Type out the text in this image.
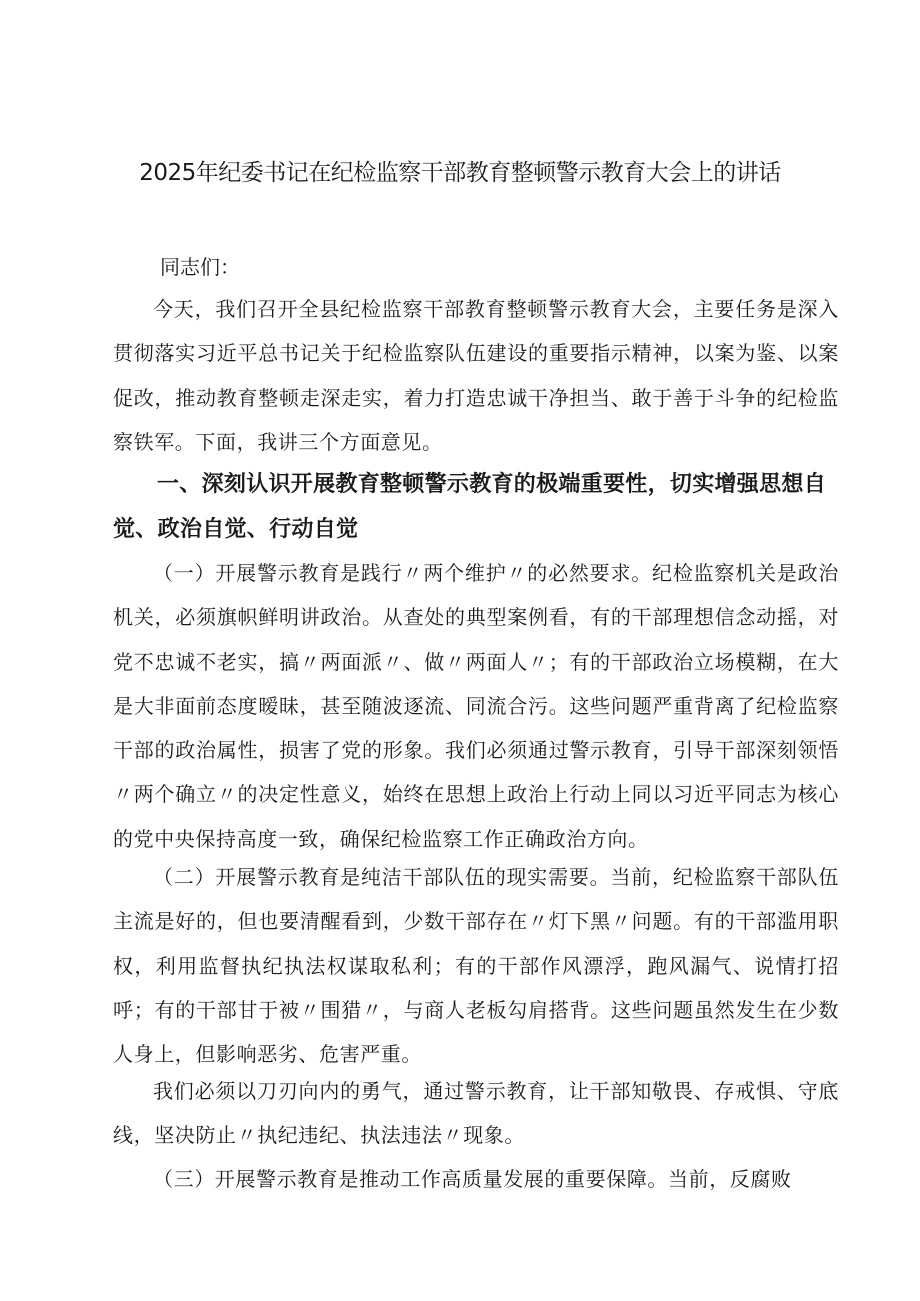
2025年纪委书记在纪检监察干部教育整顿警示教育大会上的讲话
同志们：

今天，我们召开全县纪检监察干部教育整顿警示教育大会，主要任务是深入贯彻落实习近平总书记关于纪检监察队伍建设的重要指示精神，以案为鉴、以案促改，推动教育整顿走深走实，着力打造忠诚干净担当、敢于善于斗争的纪检监察铁军。下面，我讲三个方面意见。

一、深刻认识开展教育整顿警示教育的极端重要性，切实增强思想自觉、政治自觉、行动自觉

（一）开展警示教育是践行〃两个维护〃的必然要求。纪检监察机关是政治机关，必须旗帜鲜明讲政治。从查处的典型案例看，有的干部理想信念动摇，对党不忠诚不老实，搞〃两面派〃、做〃两面人〃；有的干部政治立场模糊，在大是大非面前态度暧昧，甚至随波逐流、同流合污。这些问题严重背离了纪检监察干部的政治属性，损害了党的形象。我们必须通过警示教育，引导干部深刻领悟〃两个确立〃的决定性意义，始终在思想上政治上行动上同以习近平同志为核心的党中央保持高度一致，确保纪检监察工作正确政治方向。

（二）开展警示教育是纯洁干部队伍的现实需要。当前，纪检监察干部队伍主流是好的，但也要清醒看到，少数干部存在〃灯下黑〃问题。有的干部滥用职权，利用监督执纪执法权谋取私利；有的干部作风漂浮，跑风漏气、说情打招呼；有的干部甘于被〃围猎〃，与商人老板勾肩搭背。这些问题虽然发生在少数人身上，但影响恶劣、危害严重。

我们必须以刀刃向内的勇气，通过警示教育，让干部知敬畏、存戒惧、守底线，坚决防止〃执纪违纪、执法违法〃现象。

（三）开展警示教育是推动工作高质量发展的重要保障。当前，反腐败
